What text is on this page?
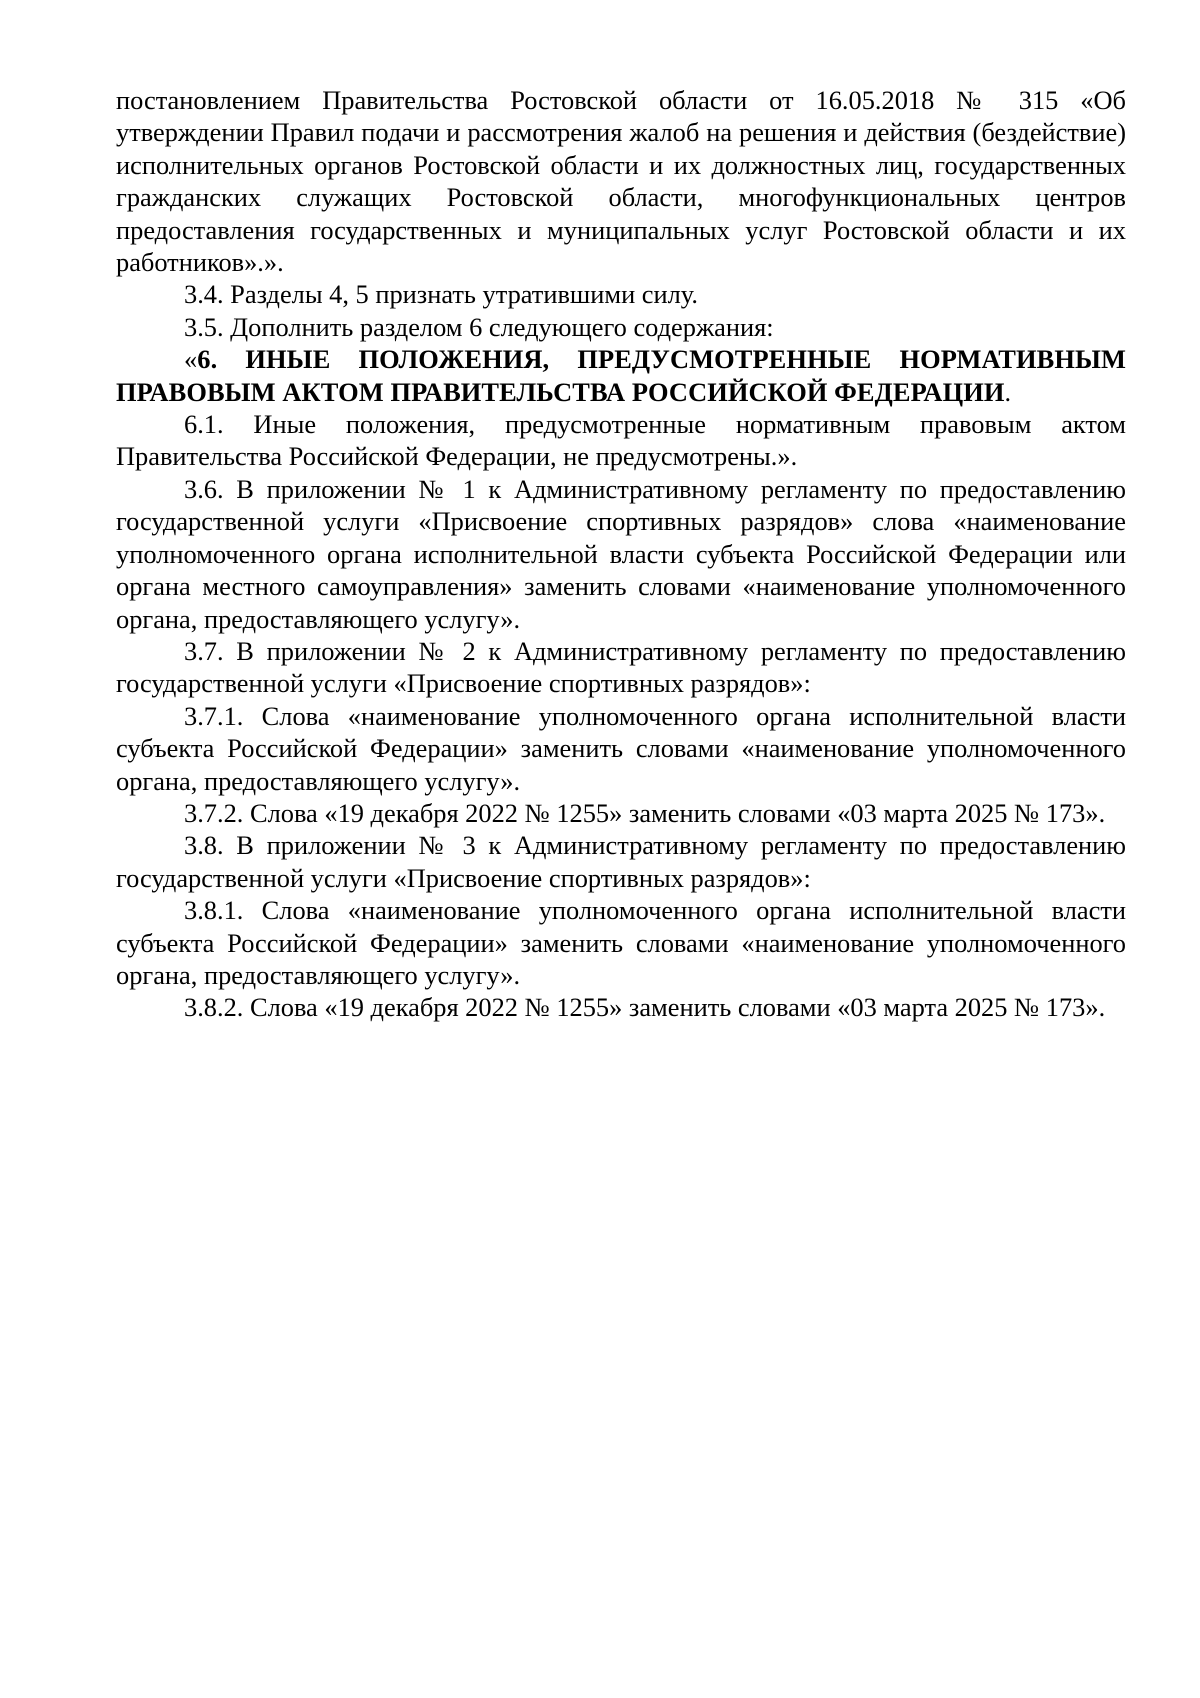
постановлением Правительства Ростовской области от 16.05.2018 № 315 «Об утверждении Правил подачи и рассмотрения жалоб на решения и действия (бездействие) исполнительных органов Ростовской области и их должностных лиц, государственных гражданских служащих Ростовской области, многофункциональных центров предоставления государственных и муниципальных услуг Ростовской области и их работников».».

3.4. Разделы 4, 5 признать утратившими силу.

3.5. Дополнить разделом 6 следующего содержания:

«6. ИНЫЕ ПОЛОЖЕНИЯ, ПРЕДУСМОТРЕННЫЕ НОРМАТИВНЫМ ПРАВОВЫМ АКТОМ ПРАВИТЕЛЬСТВА РОССИЙСКОЙ ФЕДЕРАЦИИ.

6.1. Иные положения, предусмотренные нормативным правовым актом Правительства Российской Федерации, не предусмотрены.».

3.6. В приложении № 1 к Административному регламенту по предоставлению государственной услуги «Присвоение спортивных разрядов» слова «наименование уполномоченного органа исполнительной власти субъекта Российской Федерации или органа местного самоуправления» заменить словами «наименование уполномоченного органа, предоставляющего услугу».

3.7. В приложении № 2 к Административному регламенту по предоставлению государственной услуги «Присвоение спортивных разрядов»:

3.7.1. Слова «наименование уполномоченного органа исполнительной власти субъекта Российской Федерации» заменить словами «наименование уполномоченного органа, предоставляющего услугу».

3.7.2. Слова «19 декабря 2022 № 1255» заменить словами «03 марта 2025 № 173».

3.8. В приложении № 3 к Административному регламенту по предоставлению государственной услуги «Присвоение спортивных разрядов»:

3.8.1. Слова «наименование уполномоченного органа исполнительной власти субъекта Российской Федерации» заменить словами «наименование уполномоченного органа, предоставляющего услугу».

3.8.2. Слова «19 декабря 2022 № 1255» заменить словами «03 марта 2025 № 173».
